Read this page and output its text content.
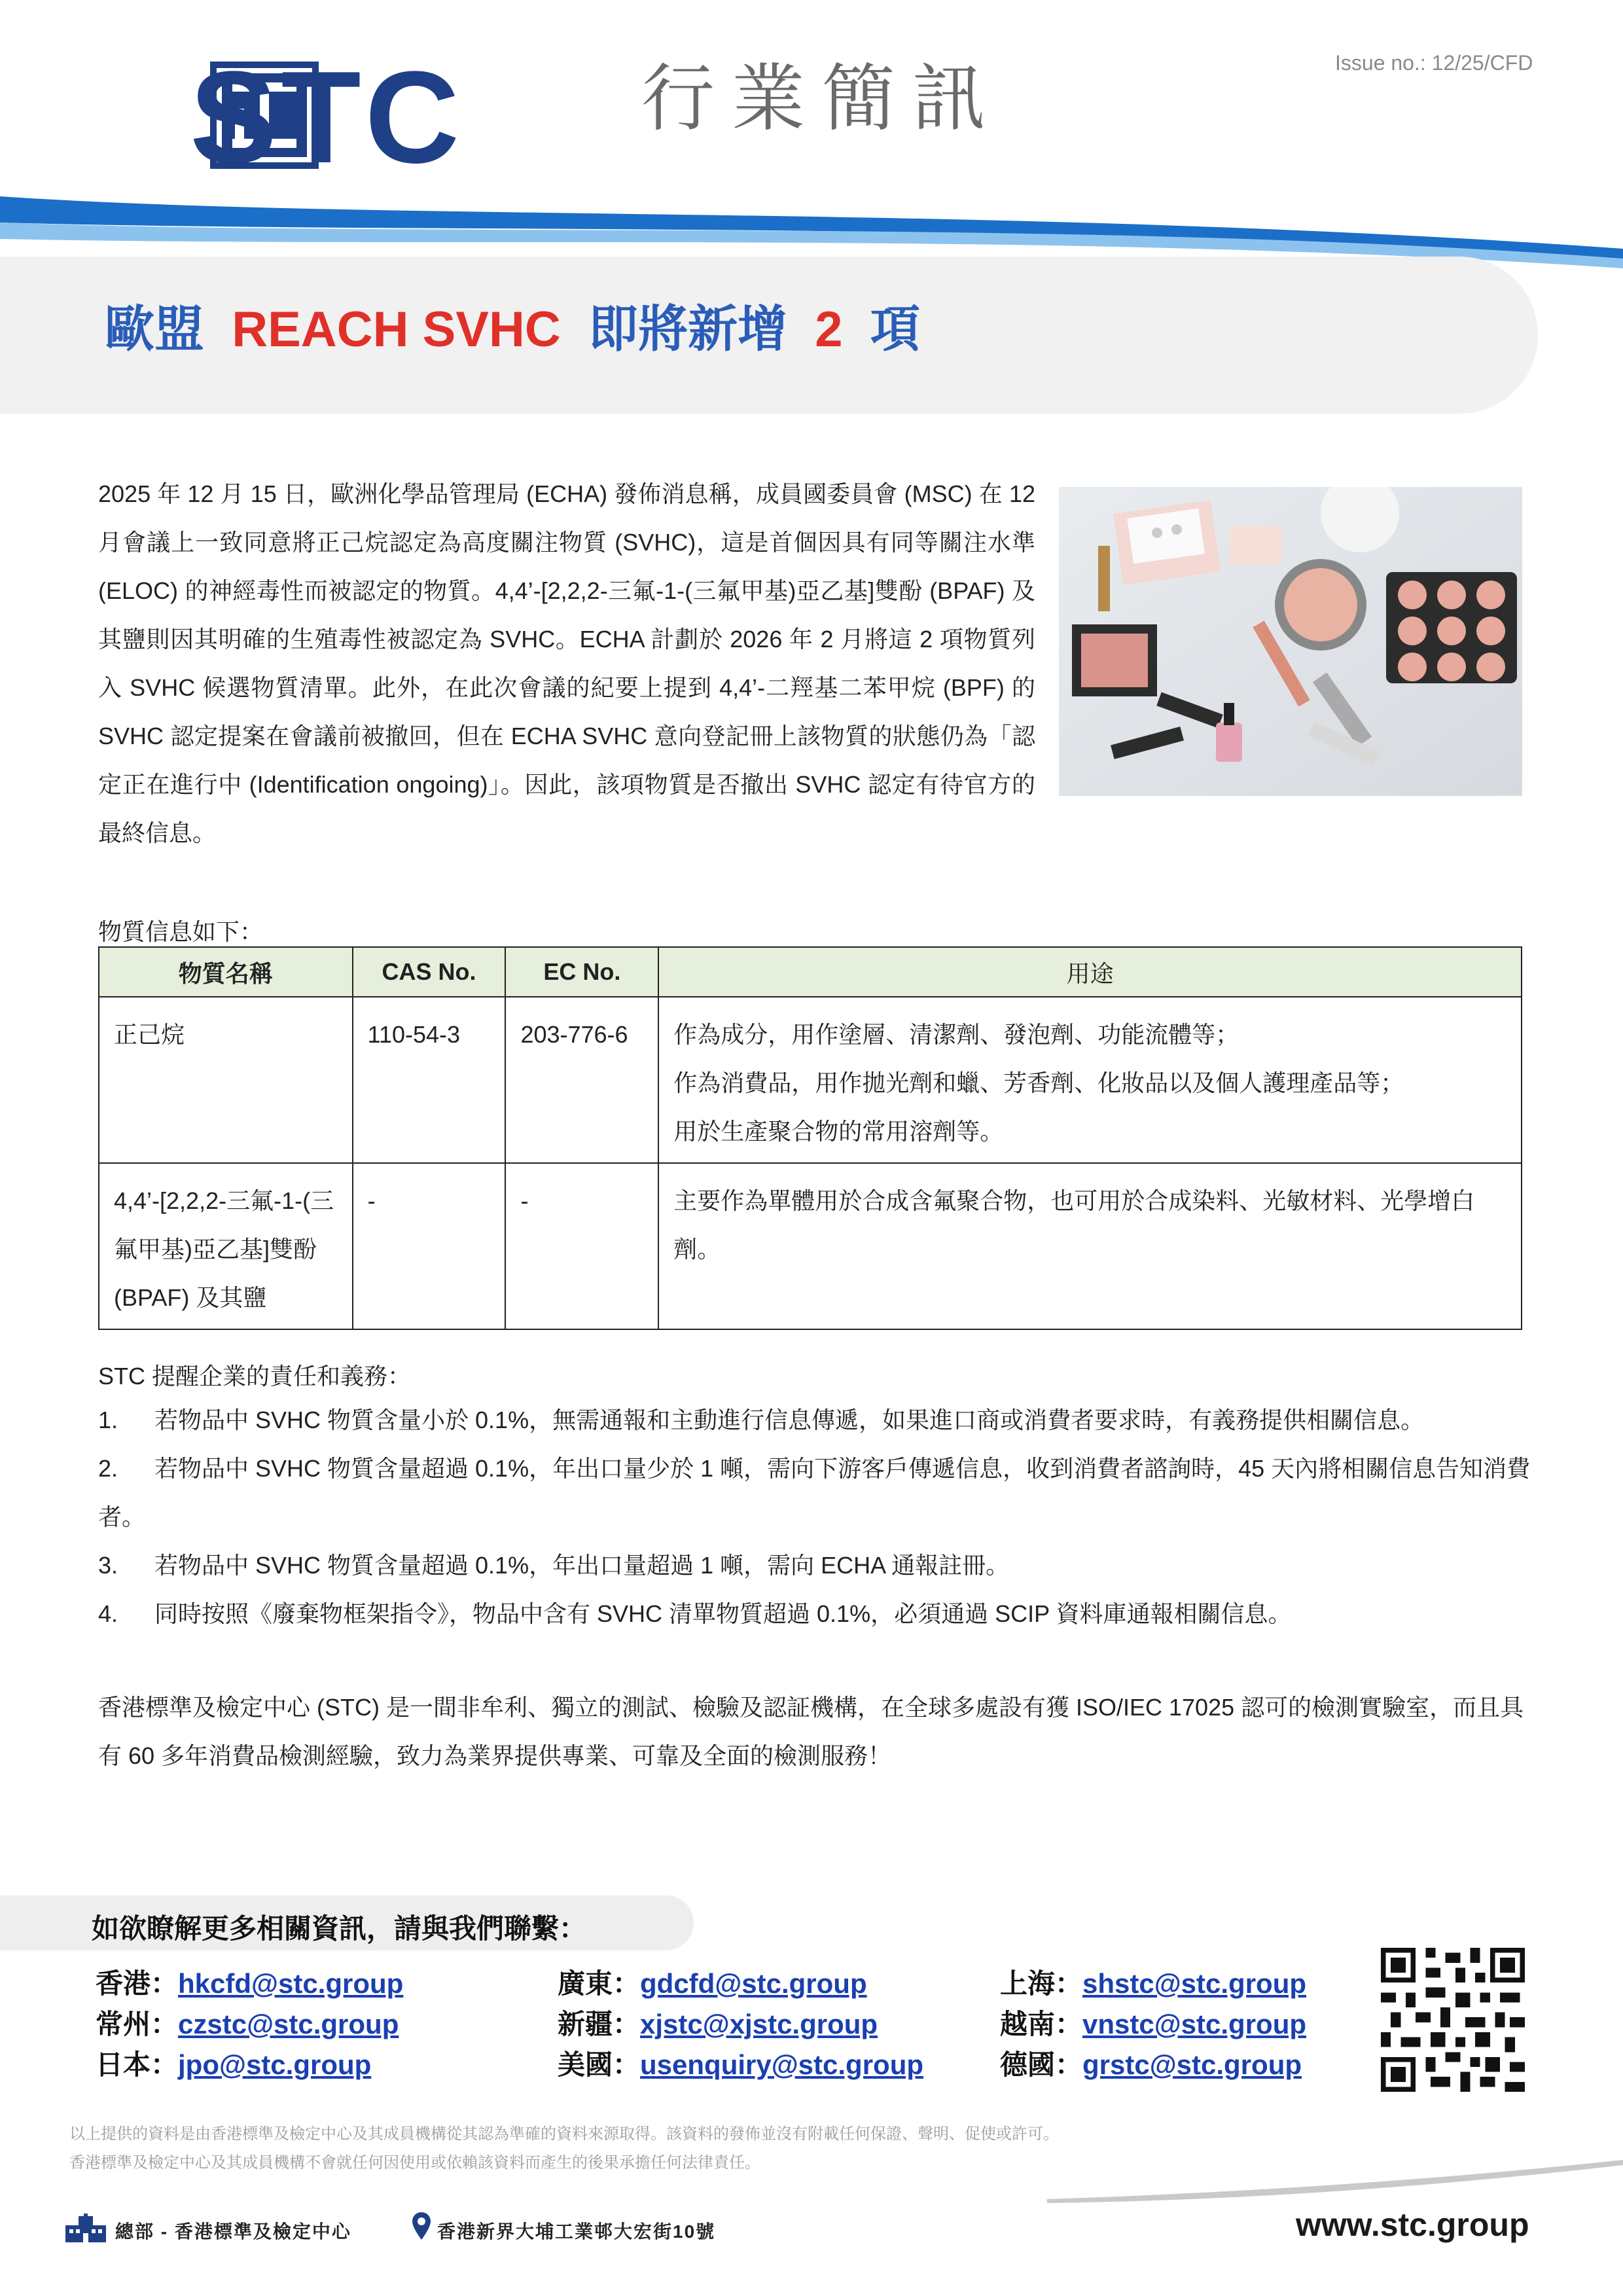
STC 行業簡訊	Issue no.: 12/25/CFD
歐盟 REACH SVHC 即將新增 2 項
2025 年 12 月 15 日，歐洲化學品管理局 (ECHA) 發佈消息稱，成員國委員會 (MSC) 在 12 月會議上一致同意將正己烷認定為高度關注物質 (SVHC)，這是首個因具有同等關注水準 (ELOC) 的神經毒性而被認定的物質。4,4’-[2,2,2-三氟-1-(三氟甲基)亞乙基]雙酚 (BPAF) 及其鹽則因其明確的生殖毒性被認定為 SVHC。ECHA 計劃於 2026 年 2 月將這 2 項物質列入 SVHC 候選物質清單。此外，在此次會議的紀要上提到 4,4’-二羥基二苯甲烷 (BPF) 的 SVHC 認定提案在會議前被撤回，但在 ECHA SVHC 意向登記冊上該物質的狀態仍為「認定正在進行中 (Identification ongoing)」。因此，該項物質是否撤出 SVHC 認定有待官方的最終信息。
物質信息如下：
物質名稱	CAS No.	EC No.	用途
正己烷	110-54-3	203-776-6	作為成分，用作塗層、清潔劑、發泡劑、功能流體等；
作為消費品，用作拋光劑和蠟、芳香劑、化妝品以及個人護理產品等；
用於生產聚合物的常用溶劑等。

4,4’-[2,2,2-三氟-1-(三氟甲基)亞乙基]雙酚 (BPAF) 及其鹽	-	-	主要作為單體用於合成含氟聚合物，也可用於合成染料、光敏材料、光學增白劑。
STC 提醒企業的責任和義務：
1. 若物品中 SVHC 物質含量小於 0.1%，無需通報和主動進行信息傳遞，如果進口商或消費者要求時，有義務提供相關信息。
2. 若物品中 SVHC 物質含量超過 0.1%，年出口量少於 1 噸，需向下游客戶傳遞信息，收到消費者諮詢時，45 天內將相關信息告知消費者。
3. 若物品中 SVHC 物質含量超過 0.1%，年出口量超過 1 噸，需向 ECHA 通報註冊。
4. 同時按照《廢棄物框架指令》，物品中含有 SVHC 清單物質超過 0.1%，必須通過 SCIP 資料庫通報相關信息。
香港標準及檢定中心 (STC) 是一間非牟利、獨立的測試、檢驗及認証機構，在全球多處設有獲 ISO/IEC 17025 認可的檢測實驗室，而且具有 60 多年消費品檢測經驗，致力為業界提供專業、可靠及全面的檢測服務！
如欲瞭解更多相關資訊，請與我們聯繫：
香港：hkcfd@stc.group	廣東：gdcfd@stc.group	上海：shstc@stc.group
常州：czstc@stc.group	新疆：xjstc@xjstc.group	越南：vnstc@stc.group
日本：jpo@stc.group	美國：usenquiry@stc.group	德國：grstc@stc.group
以上提供的資料是由香港標準及檢定中心及其成員機構從其認為準確的資料來源取得。該資料的發佈並沒有附載任何保證、聲明、促使或許可。
香港標準及檢定中心及其成員機構不會就任何因使用或依賴該資料而產生的後果承擔任何法律責任。
總部 - 香港標準及檢定中心	香港新界大埔工業邨大宏街10號	www.stc.group
